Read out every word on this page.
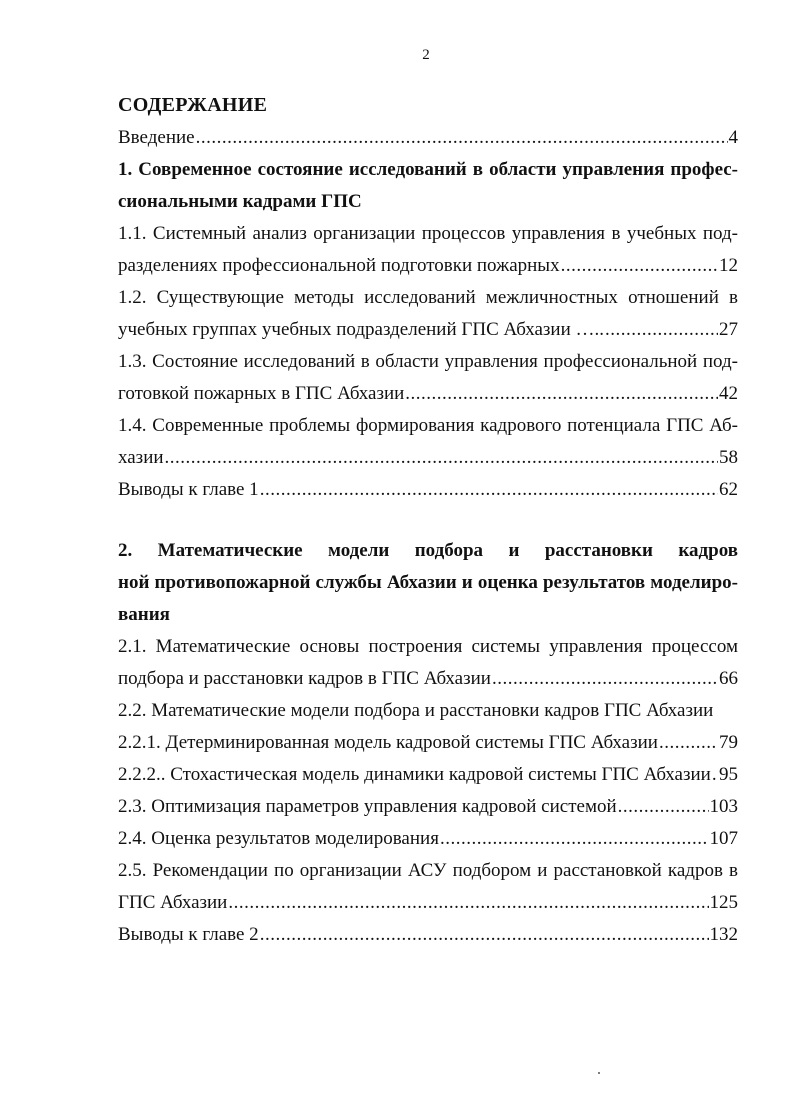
2
СОДЕРЖАНИЕ
Введение .....	4
1. Современное состояние исследований в области управления профес-
сиональными кадрами ГПС
1.1. Системный анализ организации процессов управления в учебных под-
разделениях профессиональной подготовки пожарных .....	12
1.2. Существующие методы исследований межличностных отношений в
учебных группах учебных подразделений ГПС Абхазии ….. .....	27
1.3. Состояние исследований в области управления профессиональной под-
готовкой пожарных в ГПС Абхазии .....	42
1.4. Современные проблемы формирования кадрового потенциала ГПС Аб-
хазии .....	58
Выводы к главе 1 .....	62
2. Математические модели подбора и расстановки кадров
ной противопожарной службы Абхазии и оценка результатов моделиро-
вания
2.1. Математические основы построения системы управления процессом
подбора и расстановки кадров в ГПС Абхазии .....	66
2.2. Математические модели подбора и расстановки кадров ГПС Абхазии
2.2.1. Детерминированная модель кадровой системы ГПС Абхазии .....	79
2.2.2.. Стохастическая модель динамики кадровой системы ГПС Абхазии ..... 95
2.3. Оптимизация параметров управления кадровой системой .....	103
2.4. Оценка результатов моделирования .....	107
2.5. Рекомендации по организации АСУ подбором и расстановкой кадров в
ГПС Абхазии .....	125
Выводы к главе 2 .....	132
